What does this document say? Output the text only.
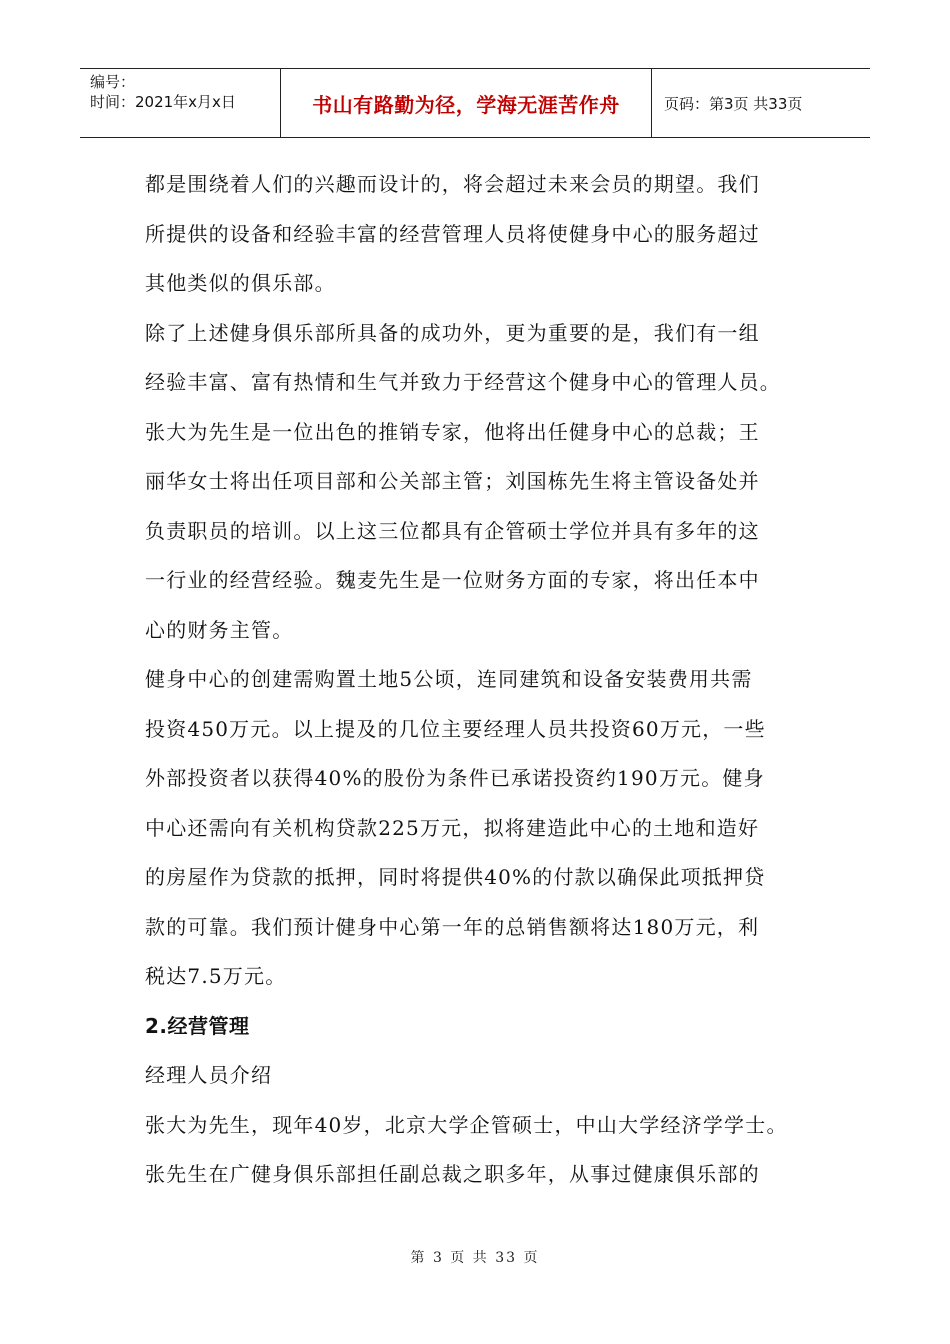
编号：
时间：2021年x月x日	书山有路勤为径，学海无涯苦作舟	页码：第3页 共33页
都是围绕着人们的兴趣而设计的，将会超过未来会员的期望。我们
所提供的设备和经验丰富的经营管理人员将使健身中心的服务超过
其他类似的俱乐部。
除了上述健身俱乐部所具备的成功外，更为重要的是，我们有一组
经验丰富、富有热情和生气并致力于经营这个健身中心的管理人员。
张大为先生是一位出色的推销专家，他将出任健身中心的总裁；王
丽华女士将出任项目部和公关部主管；刘国栋先生将主管设备处并
负责职员的培训。以上这三位都具有企管硕士学位并具有多年的这
一行业的经营经验。魏麦先生是一位财务方面的专家，将出任本中
心的财务主管。
健身中心的创建需购置土地5公顷，连同建筑和设备安装费用共需
投资450万元。以上提及的几位主要经理人员共投资60万元，一些
外部投资者以获得40%的股份为条件已承诺投资约190万元。健身
中心还需向有关机构贷款225万元，拟将建造此中心的土地和造好
的房屋作为贷款的抵押，同时将提供40%的付款以确保此项抵押贷
款的可靠。我们预计健身中心第一年的总销售额将达180万元，利
税达7.5万元。
2.经营管理
经理人员介绍
张大为先生，现年40岁，北京大学企管硕士，中山大学经济学学士。
张先生在广健身俱乐部担任副总裁之职多年，从事过健康俱乐部的
第 3 页 共 33 页
